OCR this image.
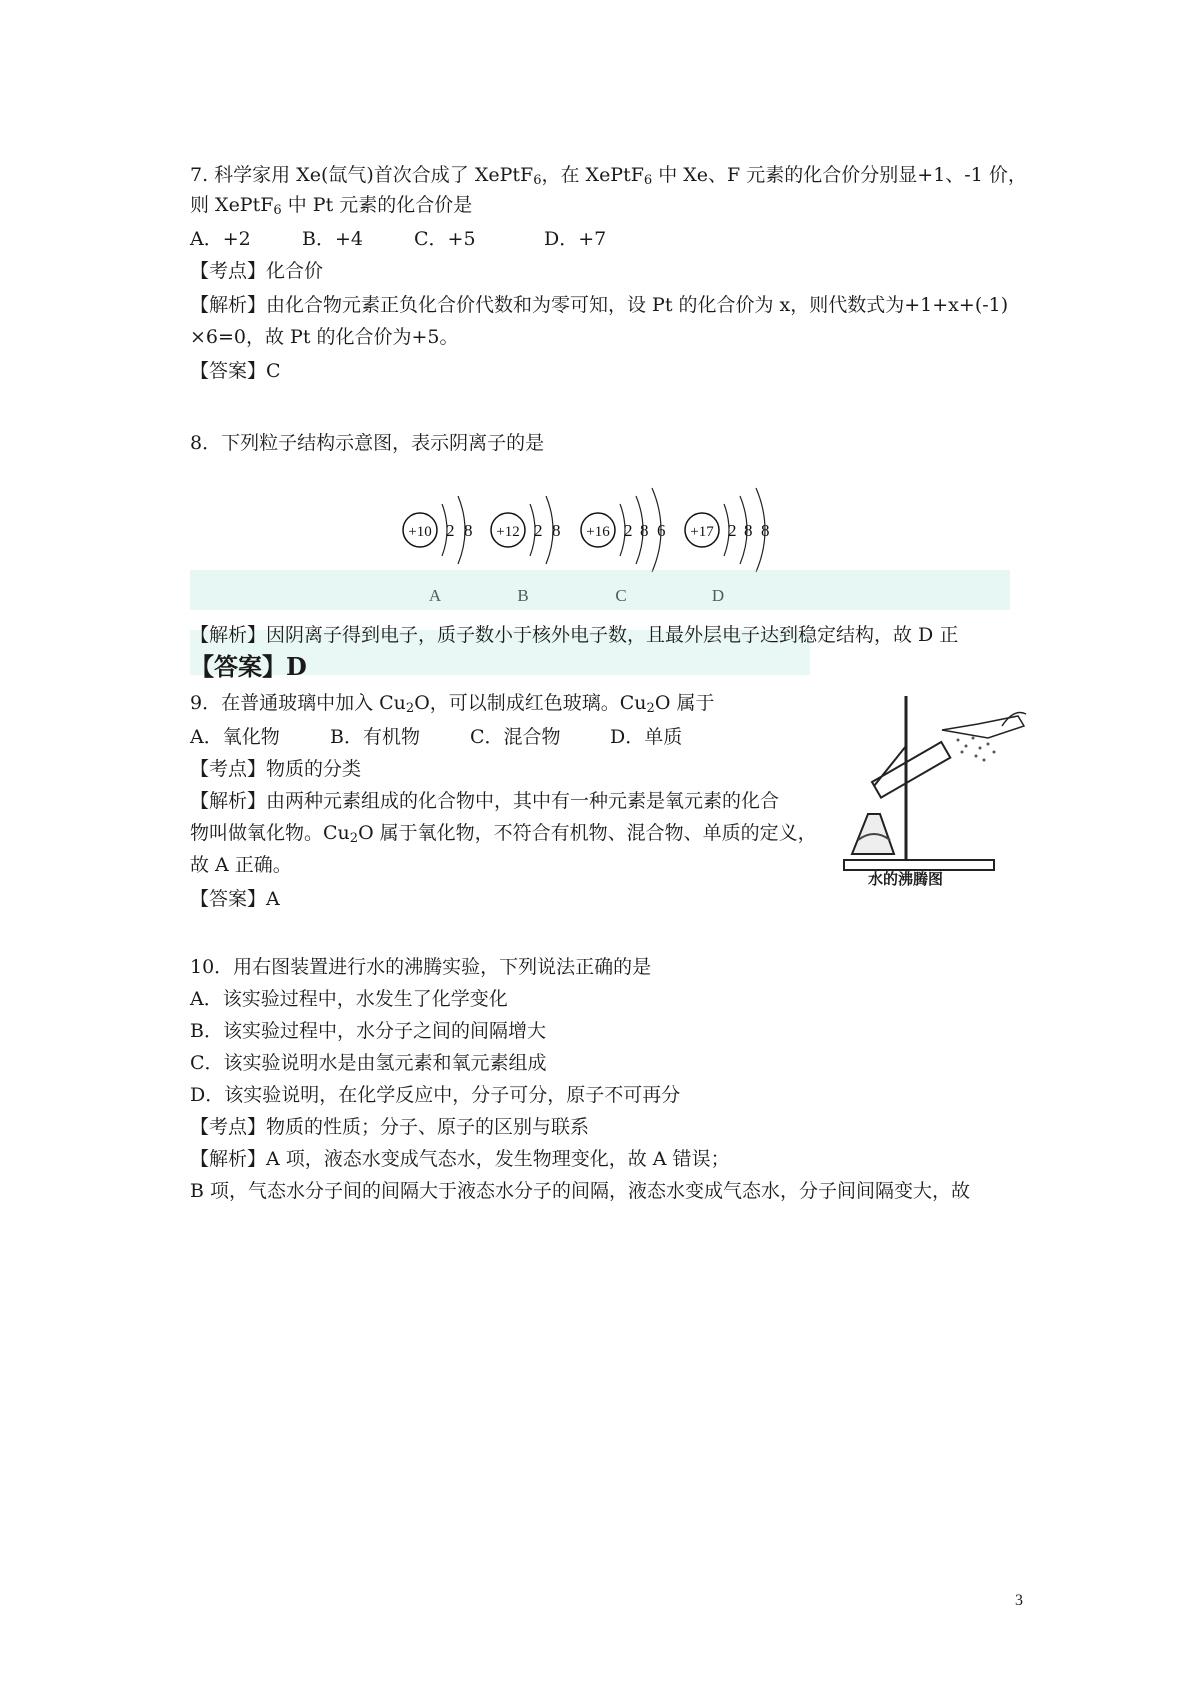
7. 科学家用 Xe(氙气)首次合成了 XePtF$_6$，在 XePtF$_6$ 中 Xe、F 元素的化合价分别显+1、-1 价，
则 XePtF$_6$ 中 Pt 元素的化合价是
A．+2	B．+4	C．+5	D．+7
【考点】化合价
【解析】由化合物元素正负化合价代数和为零可知，设 Pt 的化合价为 x，则代数式为+1+x+(-1)
×6=0，故 Pt 的化合价为+5。
【答案】C
8．下列粒子结构示意图，表示阴离子的是
+10 2 8
A
+12 2 8
B
+16 2 8 6
C
+17 2 8 8
D
【解析】因阴离子得到电子，质子数小于核外电子数，且最外层电子达到稳定结构，故 D 正
【答案】D
9．在普通玻璃中加入 $Cu_2O$，可以制成红色玻璃。$Cu_2O$ 属于
A．氧化物	B．有机物	C．混合物	D．单质
【考点】物质的分类
【解析】由两种元素组成的化合物中，其中有一种元素是氧元素的化合
物叫做氧化物。$Cu_2O$ 属于氧化物，不符合有机物、混合物、单质的定义，
故 A 正确。
【答案】A
水的沸腾图
10．用右图装置进行水的沸腾实验，下列说法正确的是
A．该实验过程中，水发生了化学变化
B．该实验过程中，水分子之间的间隔增大
C．该实验说明水是由氢元素和氧元素组成
D．该实验说明，在化学反应中，分子可分，原子不可再分
【考点】物质的性质；分子、原子的区别与联系
【解析】A 项，液态水变成气态水，发生物理变化，故 A 错误；
B 项，气态水分子间的间隔大于液态水分子的间隔，液态水变成气态水，分子间间隔变大，故
3
